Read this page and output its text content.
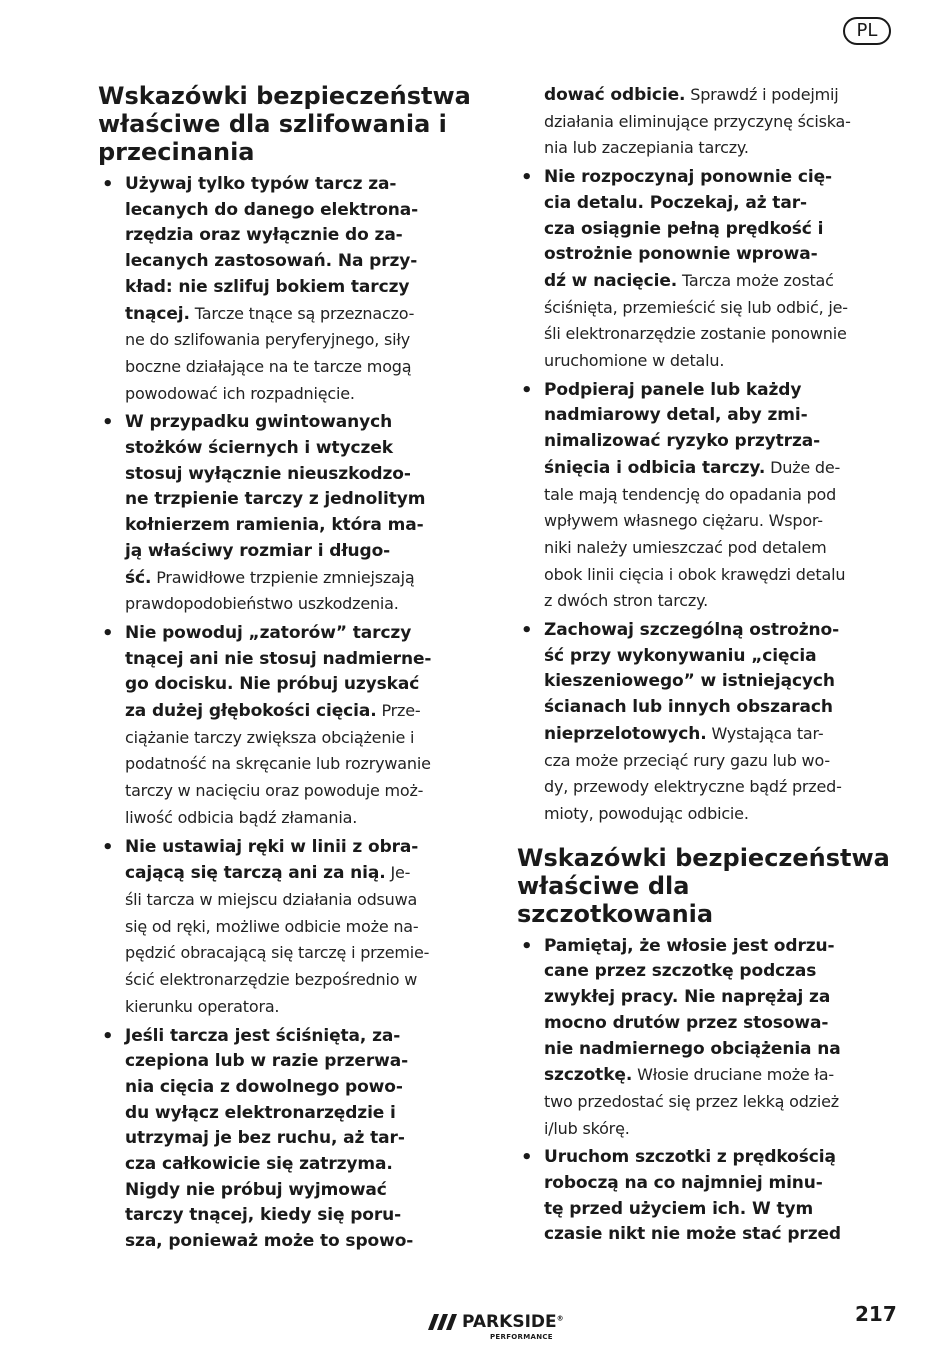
PL
Wskazówki bezpieczeństwa
właściwe dla szlifowania i
przecinania
• Używaj tylko typów tarcz za-
lecanych do danego elektrona-
rzędzia oraz wyłącznie do za-
lecanych zastosowań. Na przy-
kład: nie szlifuj bokiem tarczy
tnącej. Tarcze tnące są przeznaczo-
ne do szlifowania peryferyjnego, siły
boczne działające na te tarcze mogą
powodować ich rozpadnięcie.
• W przypadku gwintowanych
stożków ściernych i wtyczek
stosuj wyłącznie nieuszkodzo-
ne trzpienie tarczy z jednolitym
kołnierzem ramienia, która ma-
ją właściwy rozmiar i długo-
ść. Prawidłowe trzpienie zmniejszają
prawdopodobieństwo uszkodzenia.
• Nie powoduj „zatorów” tarczy
tnącej ani nie stosuj nadmierne-
go docisku. Nie próbuj uzyskać
za dużej głębokości cięcia. Prze-
ciążanie tarczy zwiększa obciążenie i
podatność na skręcanie lub rozrywanie
tarczy w nacięciu oraz powoduje moż-
liwość odbicia bądź złamania.
• Nie ustawiaj ręki w linii z obra-
cającą się tarczą ani za nią. Je-
śli tarcza w miejscu działania odsuwa
się od ręki, możliwe odbicie może na-
pędzić obracającą się tarczę i przemie-
ścić elektronarzędzie bezpośrednio w
kierunku operatora.
• Jeśli tarcza jest ściśnięta, za-
czepiona lub w razie przerwa-
nia cięcia z dowolnego powo-
du wyłącz elektronarzędzie i
utrzymaj je bez ruchu, aż tar-
cza całkowicie się zatrzyma.
Nigdy nie próbuj wyjmować
tarczy tnącej, kiedy się poru-
sza, ponieważ może to spowo-
dować odbicie. Sprawdź i podejmij
działania eliminujące przyczynę ściska-
nia lub zaczepiania tarczy.
• Nie rozpoczynaj ponownie cię-
cia detalu. Poczekaj, aż tar-
cza osiągnie pełną prędkość i
ostrożnie ponownie wprowa-
dź w nacięcie. Tarcza może zostać
ściśnięta, przemieścić się lub odbić, je-
śli elektronarzędzie zostanie ponownie
uruchomione w detalu.
• Podpieraj panele lub każdy
nadmiarowy detal, aby zmi-
nimalizować ryzyko przytrza-
śnięcia i odbicia tarczy. Duże de-
tale mają tendencję do opadania pod
wpływem własnego ciężaru. Wspor-
niki należy umieszczać pod detalem
obok linii cięcia i obok krawędzi detalu
z dwóch stron tarczy.
• Zachowaj szczególną ostrożno-
ść przy wykonywaniu „cięcia
kieszeniowego” w istniejących
ścianach lub innych obszarach
nieprzelotowych. Wystająca tar-
cza może przeciąć rury gazu lub wo-
dy, przewody elektryczne bądź przed-
mioty, powodując odbicie.
Wskazówki bezpieczeństwa
właściwe dla
szczotkowania
• Pamiętaj, że włosie jest odrzu-
cane przez szczotkę podczas
zwykłej pracy. Nie naprężaj za
mocno drutów przez stosowa-
nie nadmiernego obciążenia na
szczotkę. Włosie druciane może ła-
two przedostać się przez lekką odzież
i/lub skórę.
• Uruchom szczotki z prędkością
roboczą na co najmniej minu-
tę przed użyciem ich. W tym
czasie nikt nie może stać przed
PARKSIDE®
PERFORMANCE
217
